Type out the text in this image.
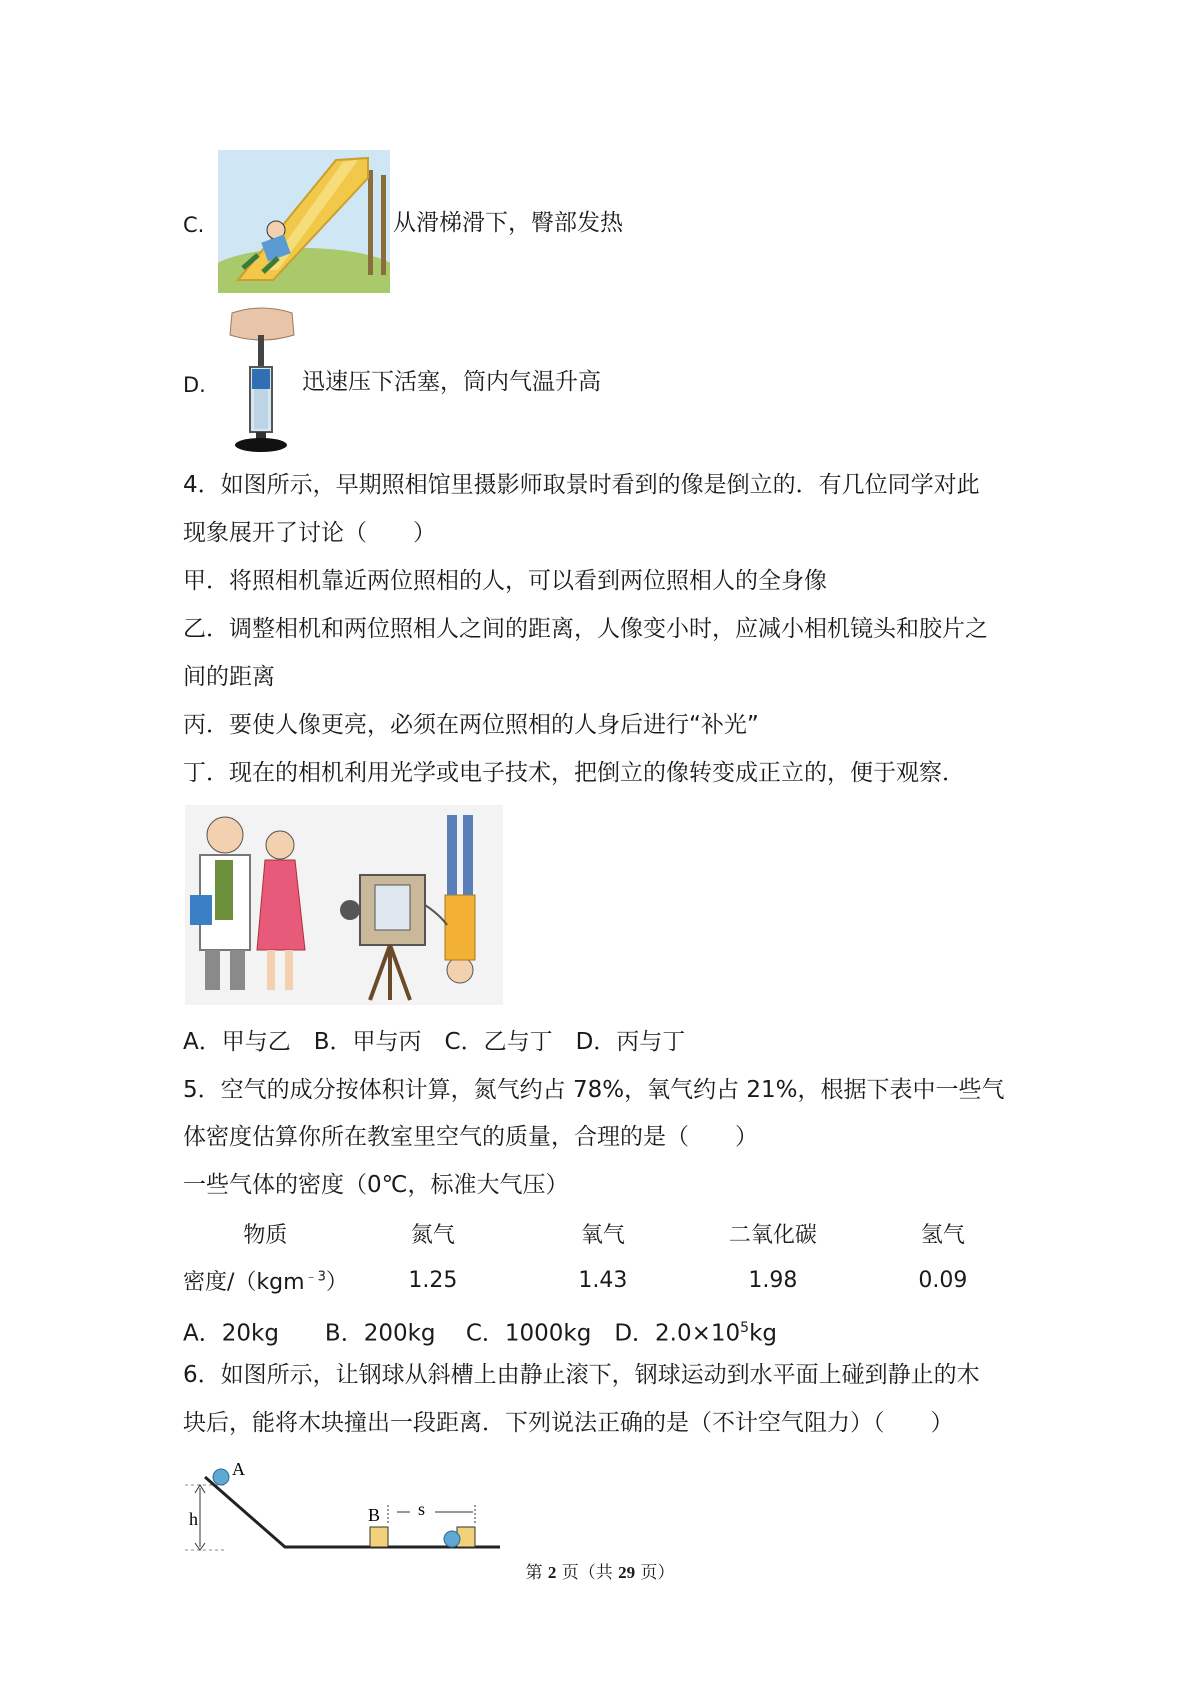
C.	从滑梯滑下，臀部发热
D.	迅速压下活塞，筒内气温升高
4．如图所示，早期照相馆里摄影师取景时看到的像是倒立的．有几位同学对此
现象展开了讨论（　　）
甲．将照相机靠近两位照相的人，可以看到两位照相人的全身像
乙．调整相机和两位照相人之间的距离，人像变小时，应减小相机镜头和胶片之
间的距离
丙．要使人像更亮，必须在两位照相的人身后进行“补光”
丁．现在的相机利用光学或电子技术，把倒立的像转变成正立的，便于观察．
A．甲与乙　B．甲与丙　C．乙与丁　D．丙与丁
5．空气的成分按体积计算，氮气约占 78%，氧气约占 21%，根据下表中一些气
体密度估算你所在教室里空气的质量，合理的是（　　）
一些气体的密度（0℃，标准大气压）
物质	氮气	氧气	二氧化碳	氢气
密度/（kgm$^{﹣3}$）	1.25	1.43	1.98	0.09
A．20kg　　B．200kg　 C．1000kg　D．$2.0\times 10^5kg$
6．如图所示，让钢球从斜槽上由静止滚下，钢球运动到水平面上碰到静止的木
块后，能将木块撞出一段距离．下列说法正确的是（不计空气阻力）（　　）
A
h	B s
第 2 页（共 29 页）
